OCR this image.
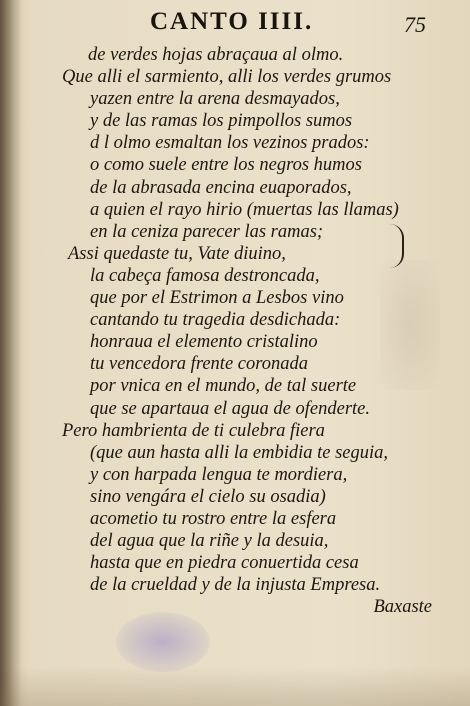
CANTO IIII.	75
de verdes hojas abraçaua al olmo.
Que alli el sarmiento, alli los verdes grumos
yazen entre la arena desmayados,
y de las ramas los pimpollos sumos
d l olmo esmaltan los vezinos prados:
o como suele entre los negros humos
de la abrasada encina euaporados,
a quien el rayo hirio (muertas las llamas)
en la ceniza parecer las ramas;
Assi quedaste tu, Vate diuino,
la cabeça famosa destroncada,
que por el Estrimon a Lesbos vino
cantando tu tragedia desdichada:
honraua el elemento cristalino
tu vencedora frente coronada
por vnica en el mundo, de tal suerte
que se apartaua el agua de ofenderte.
Pero hambrienta de ti culebra fiera
(que aun hasta alli la embidia te seguia,
y con harpada lengua te mordiera,
sino vengára el cielo su osadia)
acometio tu rostro entre la esfera
del agua que la riñe y la desuia,
hasta que en piedra conuertida cesa
de la crueldad y de la injusta Empresa.
Baxaste
